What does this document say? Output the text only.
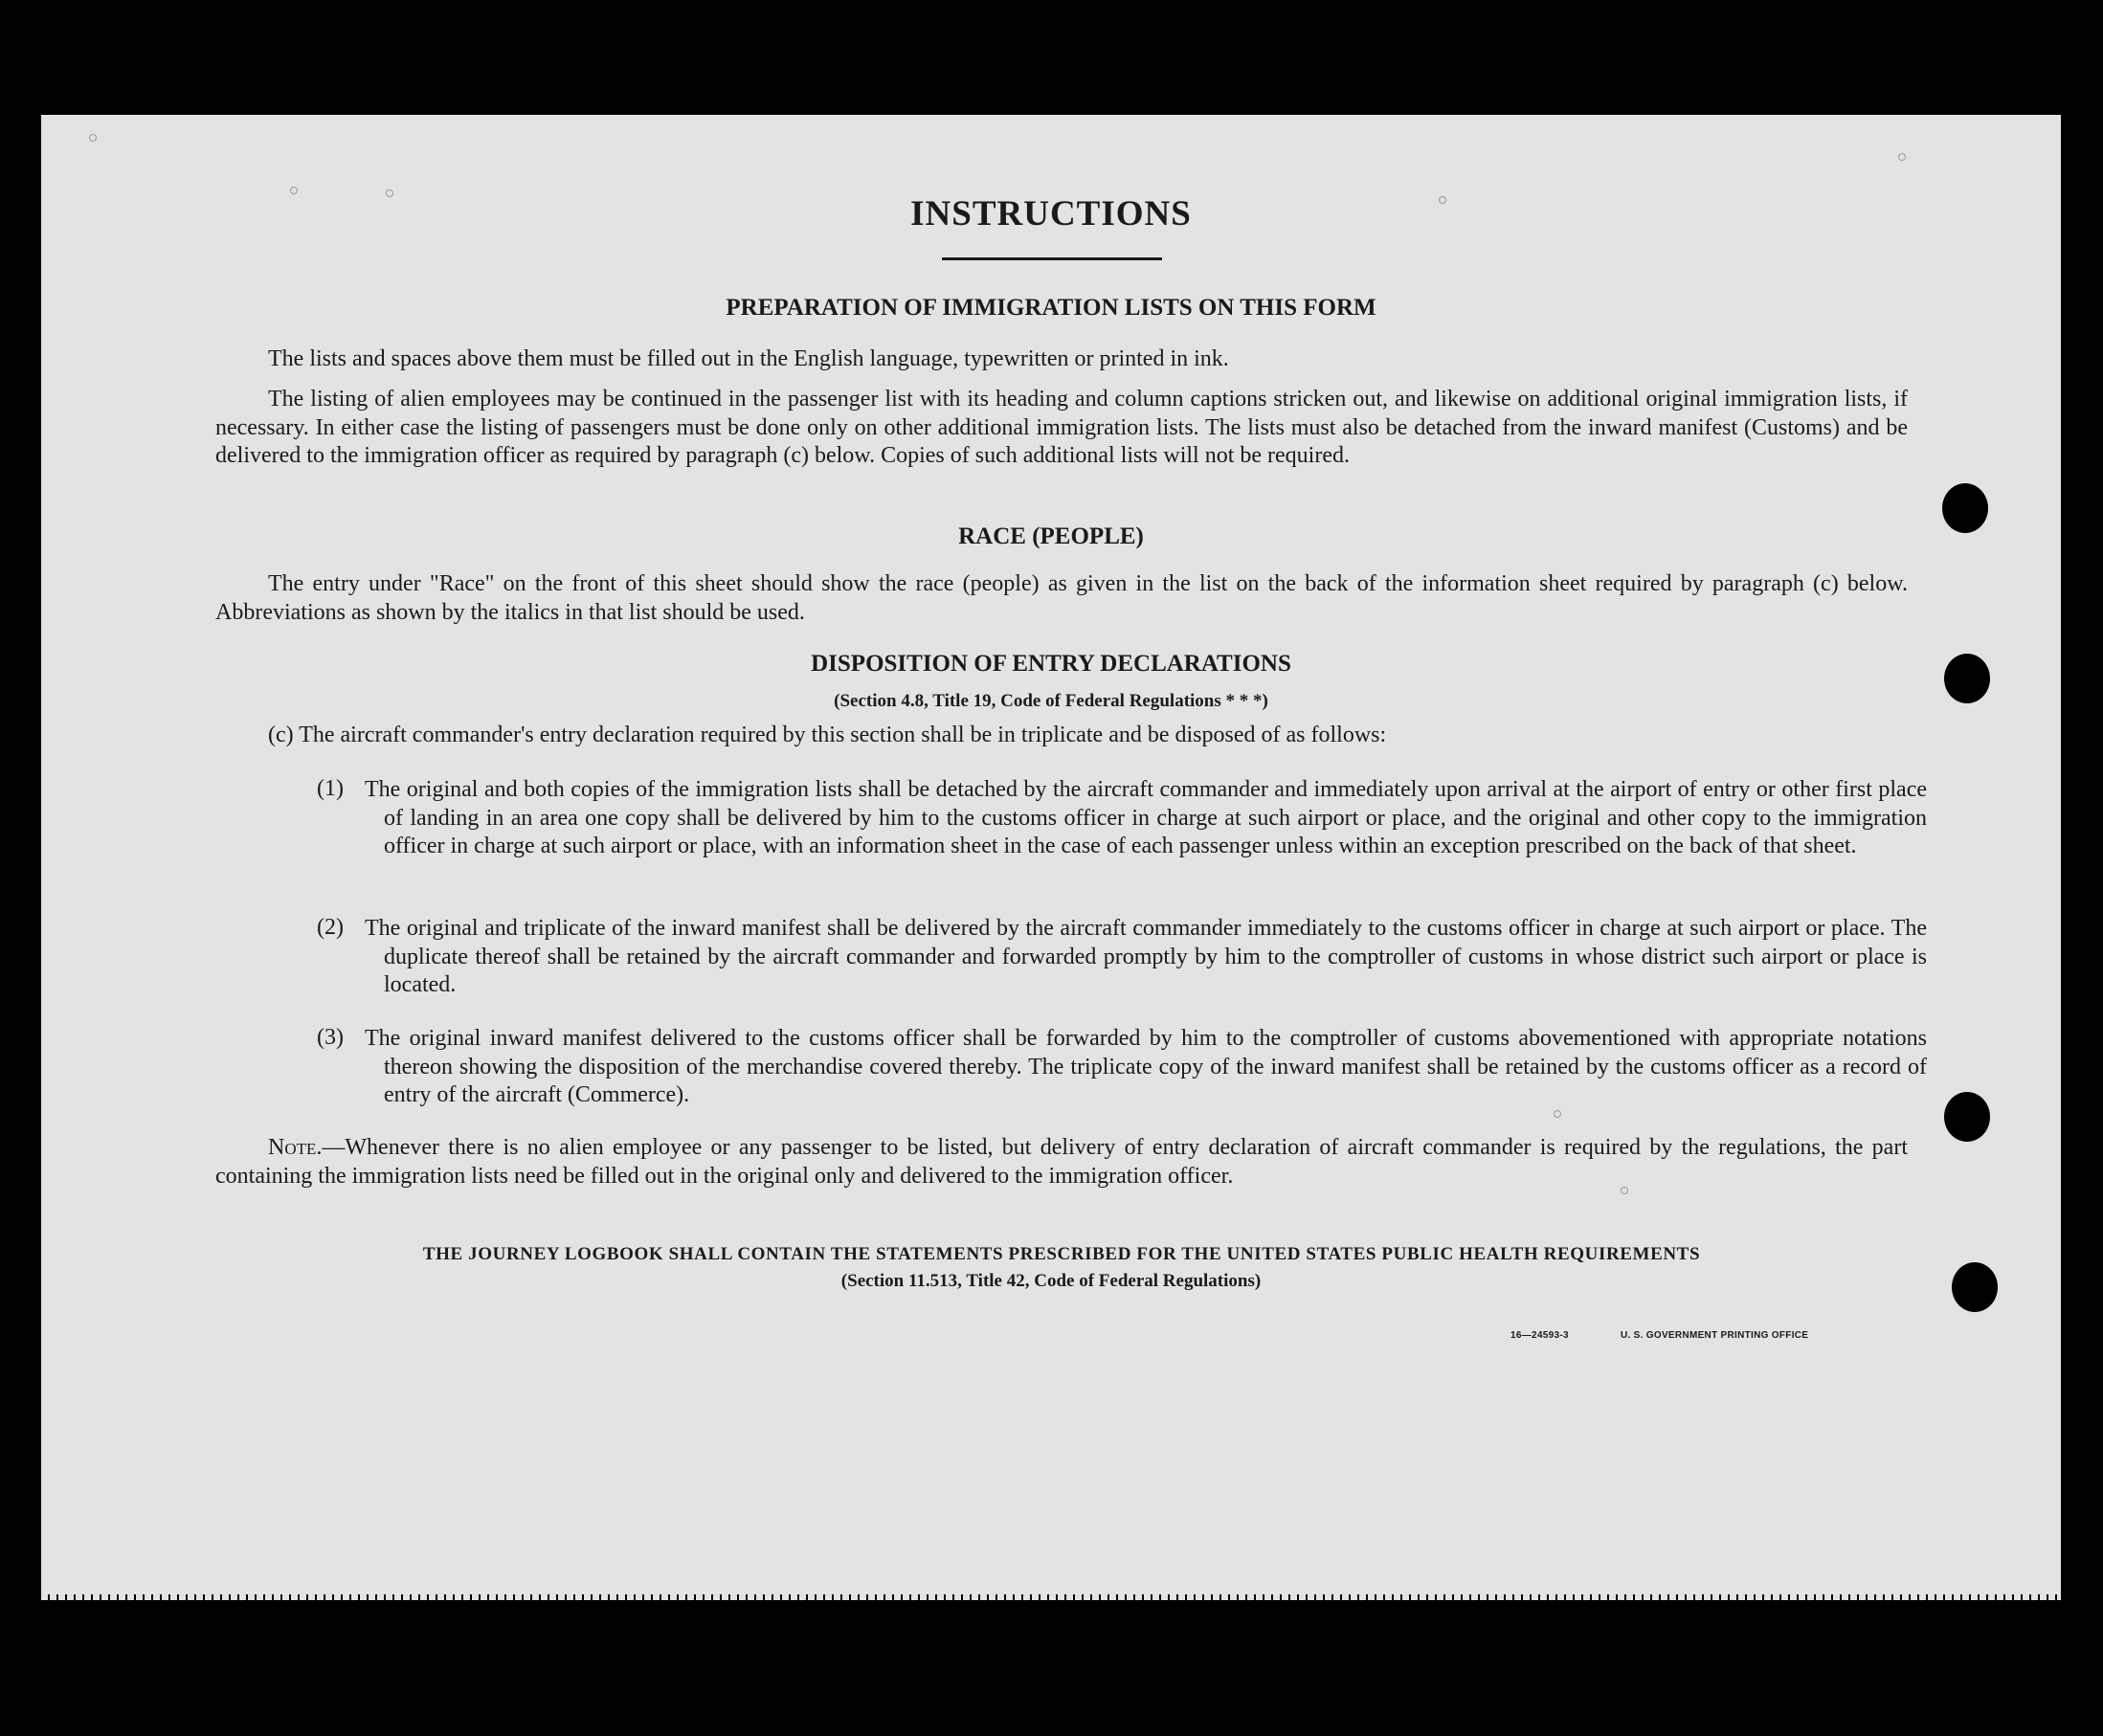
INSTRUCTIONS
PREPARATION OF IMMIGRATION LISTS ON THIS FORM
The lists and spaces above them must be filled out in the English language, typewritten or printed in ink.
The listing of alien employees may be continued in the passenger list with its heading and column captions stricken out, and likewise on additional original immigration lists, if necessary. In either case the listing of passengers must be done only on other additional immigration lists. The lists must also be detached from the inward manifest (Customs) and be delivered to the immigration officer as required by paragraph (c) below. Copies of such additional lists will not be required.
RACE (PEOPLE)
The entry under "Race" on the front of this sheet should show the race (people) as given in the list on the back of the information sheet required by paragraph (c) below. Abbreviations as shown by the italics in that list should be used.
DISPOSITION OF ENTRY DECLARATIONS
(Section 4.8, Title 19, Code of Federal Regulations * * *)
(c) The aircraft commander's entry declaration required by this section shall be in triplicate and be disposed of as follows:
(1) The original and both copies of the immigration lists shall be detached by the aircraft commander and immediately upon arrival at the airport of entry or other first place of landing in an area one copy shall be delivered by him to the customs officer in charge at such airport or place, and the original and other copy to the immigration officer in charge at such airport or place, with an information sheet in the case of each passenger unless within an exception prescribed on the back of that sheet.
(2) The original and triplicate of the inward manifest shall be delivered by the aircraft commander immediately to the customs officer in charge at such airport or place. The duplicate thereof shall be retained by the aircraft commander and forwarded promptly by him to the comptroller of customs in whose district such airport or place is located.
(3) The original inward manifest delivered to the customs officer shall be forwarded by him to the comptroller of customs abovementioned with appropriate notations thereon showing the disposition of the merchandise covered thereby. The triplicate copy of the inward manifest shall be retained by the customs officer as a record of entry of the aircraft (Commerce).
Note.—Whenever there is no alien employee or any passenger to be listed, but delivery of entry declaration of aircraft commander is required by the regulations, the part containing the immigration lists need be filled out in the original only and delivered to the immigration officer.
THE JOURNEY LOGBOOK SHALL CONTAIN THE STATEMENTS PRESCRIBED FOR THE UNITED STATES PUBLIC HEALTH REQUIREMENTS
(Section 11.513, Title 42, Code of Federal Regulations)
16—24593-3	U. S. GOVERNMENT PRINTING OFFICE
